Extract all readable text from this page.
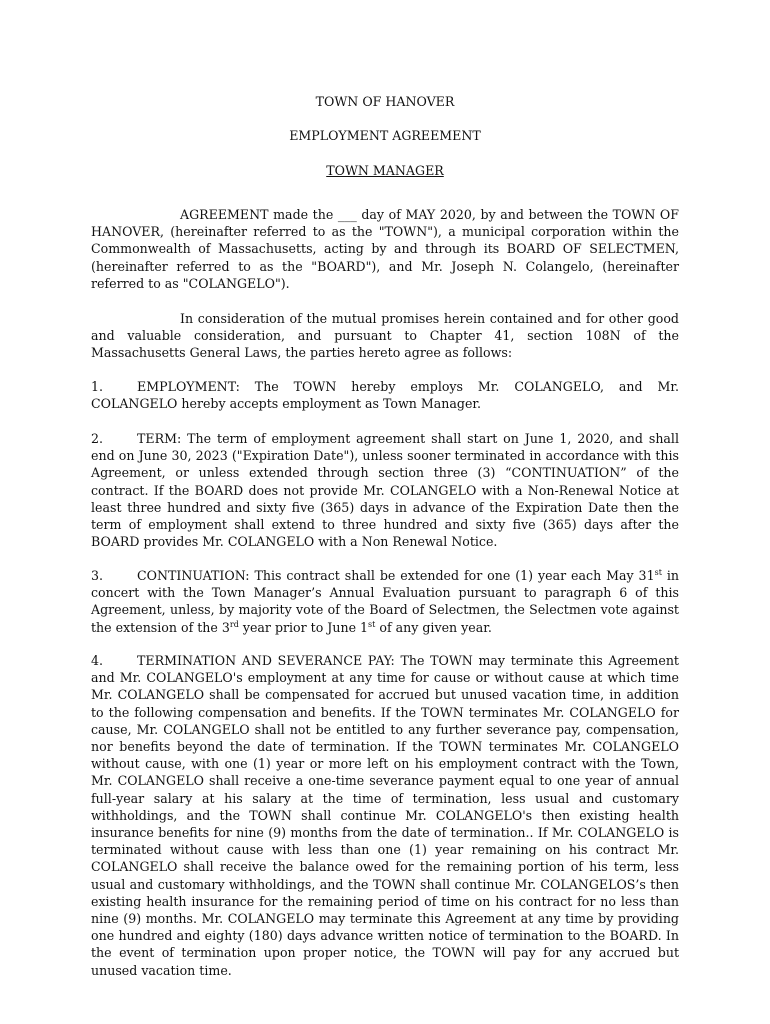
TOWN OF HANOVER

EMPLOYMENT AGREEMENT

TOWN MANAGER

AGREEMENT made the ___ day of MAY 2020, by and between the TOWN OF HANOVER, (hereinafter referred to as the "TOWN"), a municipal corporation within the Commonwealth of Massachusetts, acting by and through its BOARD OF SELECTMEN, (hereinafter referred to as the "BOARD"), and Mr. Joseph N. Colangelo, (hereinafter referred to as "COLANGELO").

In consideration of the mutual promises herein contained and for other good and valuable consideration, and pursuant to Chapter 41, section 108N of the Massachusetts General Laws, the parties hereto agree as follows:

1.	EMPLOYMENT: The TOWN hereby employs Mr. COLANGELO, and Mr. COLANGELO hereby accepts employment as Town Manager.

2.	TERM: The term of employment agreement shall start on June 1, 2020, and shall end on June 30, 2023 ("Expiration Date"), unless sooner terminated in accordance with this Agreement, or unless extended through section three (3) “CONTINUATION” of the contract. If the BOARD does not provide Mr. COLANGELO with a Non-Renewal Notice at least three hundred and sixty five (365) days in advance of the Expiration Date then the term of employment shall extend to three hundred and sixty five (365) days after the BOARD provides Mr. COLANGELO with a Non Renewal Notice.

3.	CONTINUATION: This contract shall be extended for one (1) year each May 31st in concert with the Town Manager’s Annual Evaluation pursuant to paragraph 6 of this Agreement, unless, by majority vote of the Board of Selectmen, the Selectmen vote against the extension of the 3rd year prior to June 1st of any given year.

4.	TERMINATION AND SEVERANCE PAY: The TOWN may terminate this Agreement and Mr. COLANGELO's employment at any time for cause or without cause at which time Mr. COLANGELO shall be compensated for accrued but unused vacation time, in addition to the following compensation and benefits. If the TOWN terminates Mr. COLANGELO for cause, Mr. COLANGELO shall not be entitled to any further severance pay, compensation, nor benefits beyond the date of termination. If the TOWN terminates Mr. COLANGELO without cause, with one (1) year or more left on his employment contract with the Town, Mr. COLANGELO shall receive a one-time severance payment equal to one year of annual full-year salary at his salary at the time of termination, less usual and customary withholdings, and the TOWN shall continue Mr. COLANGELO's then existing health insurance benefits for nine (9) months from the date of termination.. If Mr. COLANGELO is terminated without cause with less than one (1) year remaining on his contract Mr. COLANGELO shall receive the balance owed for the remaining portion of his term, less usual and customary withholdings, and the TOWN shall continue Mr. COLANGELOS’s then existing health insurance for the remaining period of time on his contract for no less than nine (9) months. Mr. COLANGELO may terminate this Agreement at any time by providing one hundred and eighty (180) days advance written notice of termination to the BOARD. In the event of termination upon proper notice, the TOWN will pay for any accrued but unused vacation time.
